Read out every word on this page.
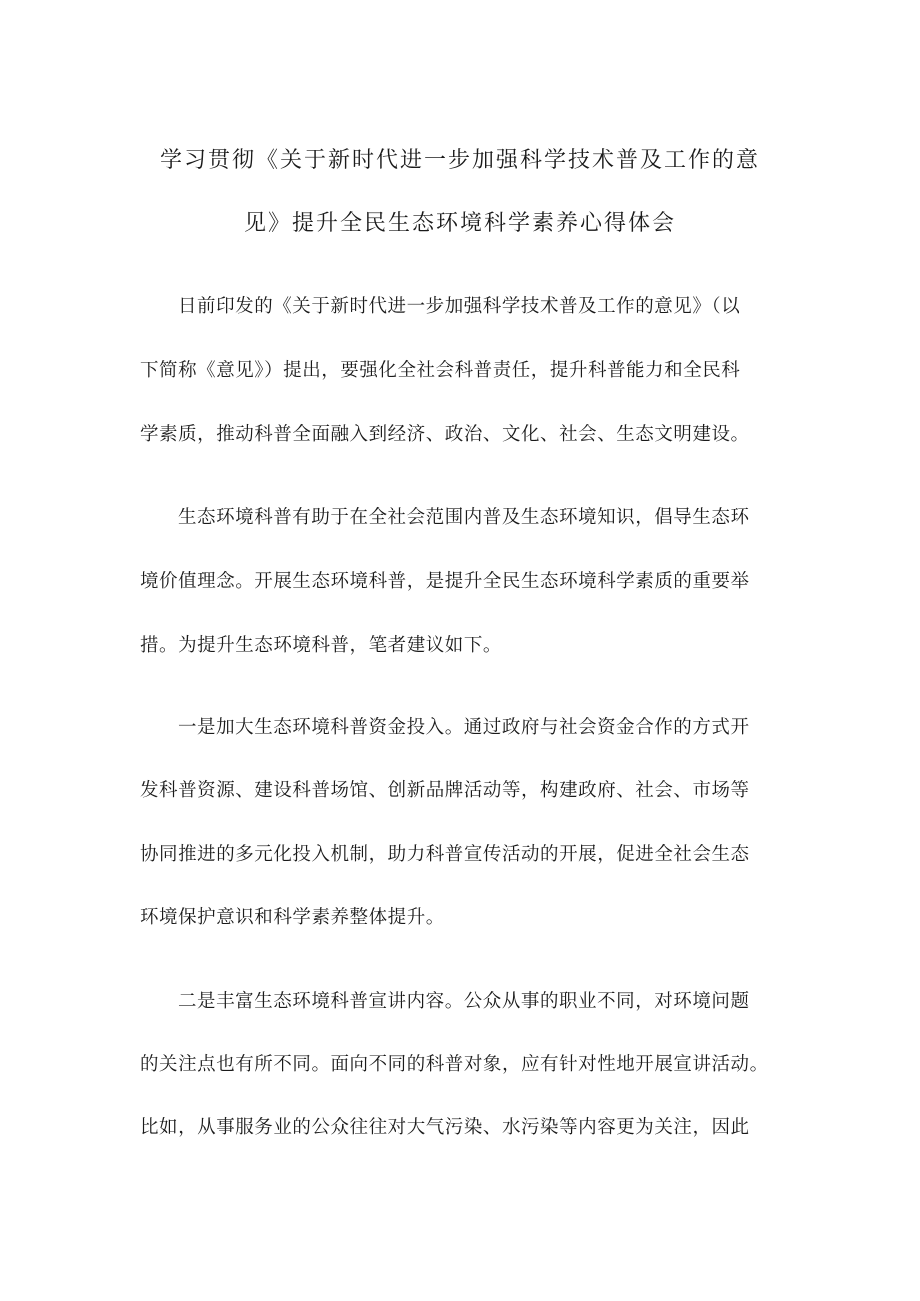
学习贯彻《关于新时代进一步加强科学技术普及工作的意
见》提升全民生态环境科学素养心得体会

日前印发的《关于新时代进一步加强科学技术普及工作的意见》（以

下简称《意见》）提出，要强化全社会科普责任，提升科普能力和全民科

学素质，推动科普全面融入到经济、政治、文化、社会、生态文明建设。

生态环境科普有助于在全社会范围内普及生态环境知识，倡导生态环

境价值理念。开展生态环境科普，是提升全民生态环境科学素质的重要举

措。为提升生态环境科普，笔者建议如下。

一是加大生态环境科普资金投入。通过政府与社会资金合作的方式开

发科普资源、建设科普场馆、创新品牌活动等，构建政府、社会、市场等

协同推进的多元化投入机制，助力科普宣传活动的开展，促进全社会生态

环境保护意识和科学素养整体提升。

二是丰富生态环境科普宣讲内容。公众从事的职业不同，对环境问题

的关注点也有所不同。面向不同的科普对象，应有针对性地开展宣讲活动。

比如，从事服务业的公众往往对大气污染、水污染等内容更为关注，因此
